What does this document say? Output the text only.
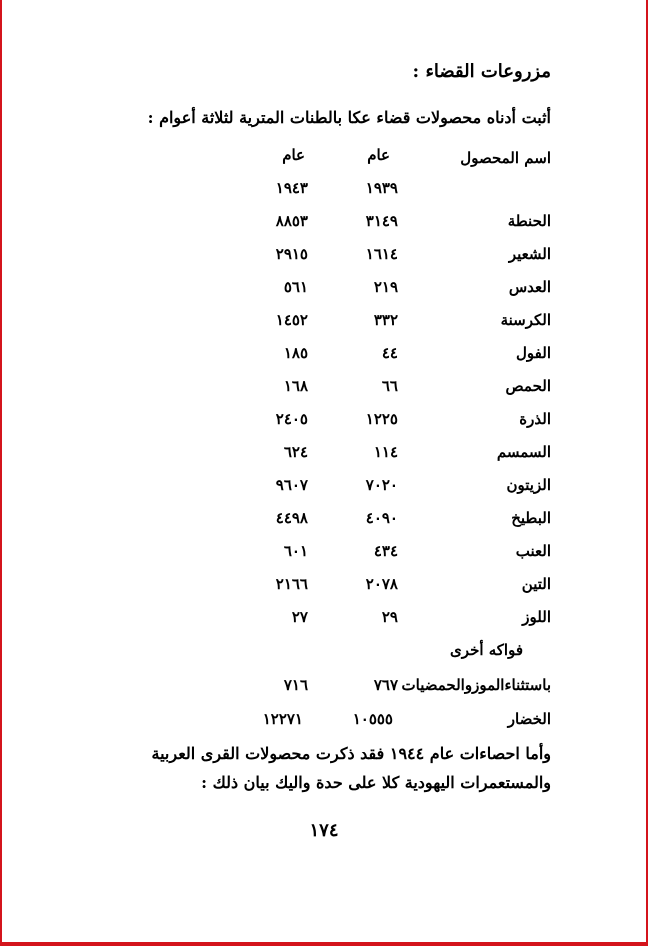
مزروعات القضاء :
أثبت أدناه محصولات قضاء عكا بالطنات المترية لثلاثة أعوام :
اسم المحصول
عام
عام
١٩٣٩
١٩٤٣
الحنطة
٣١٤٩
٨٨٥٣
الشعير
١٦١٤
٢٩١٥
العدس
٢١٩
٥٦١
الكرسنة
٣٣٢
١٤٥٢
الفول
٤٤
١٨٥
الحمص
٦٦
١٦٨
الذرة
١٢٢٥
٢٤٠٥
السمسم
١١٤
٦٢٤
الزيتون
٧٠٢٠
٩٦٠٧
البطيخ
٤٠٩٠
٤٤٩٨
العنب
٤٣٤
٦٠١
التين
٢٠٧٨
٢١٦٦
اللوز
٢٩
٢٧
فواكه أخرى
باستثناءالموزوالحمضيات
٧٦٧
٧١٦
الخضار
١٠٥٥٥
١٢٢٧١
وأما احصاءات عام ١٩٤٤ فقد ذكرت محصولات القرى العربية
والمستعمرات اليهودية كلا على حدة واليك بيان ذلك :
١٧٤
